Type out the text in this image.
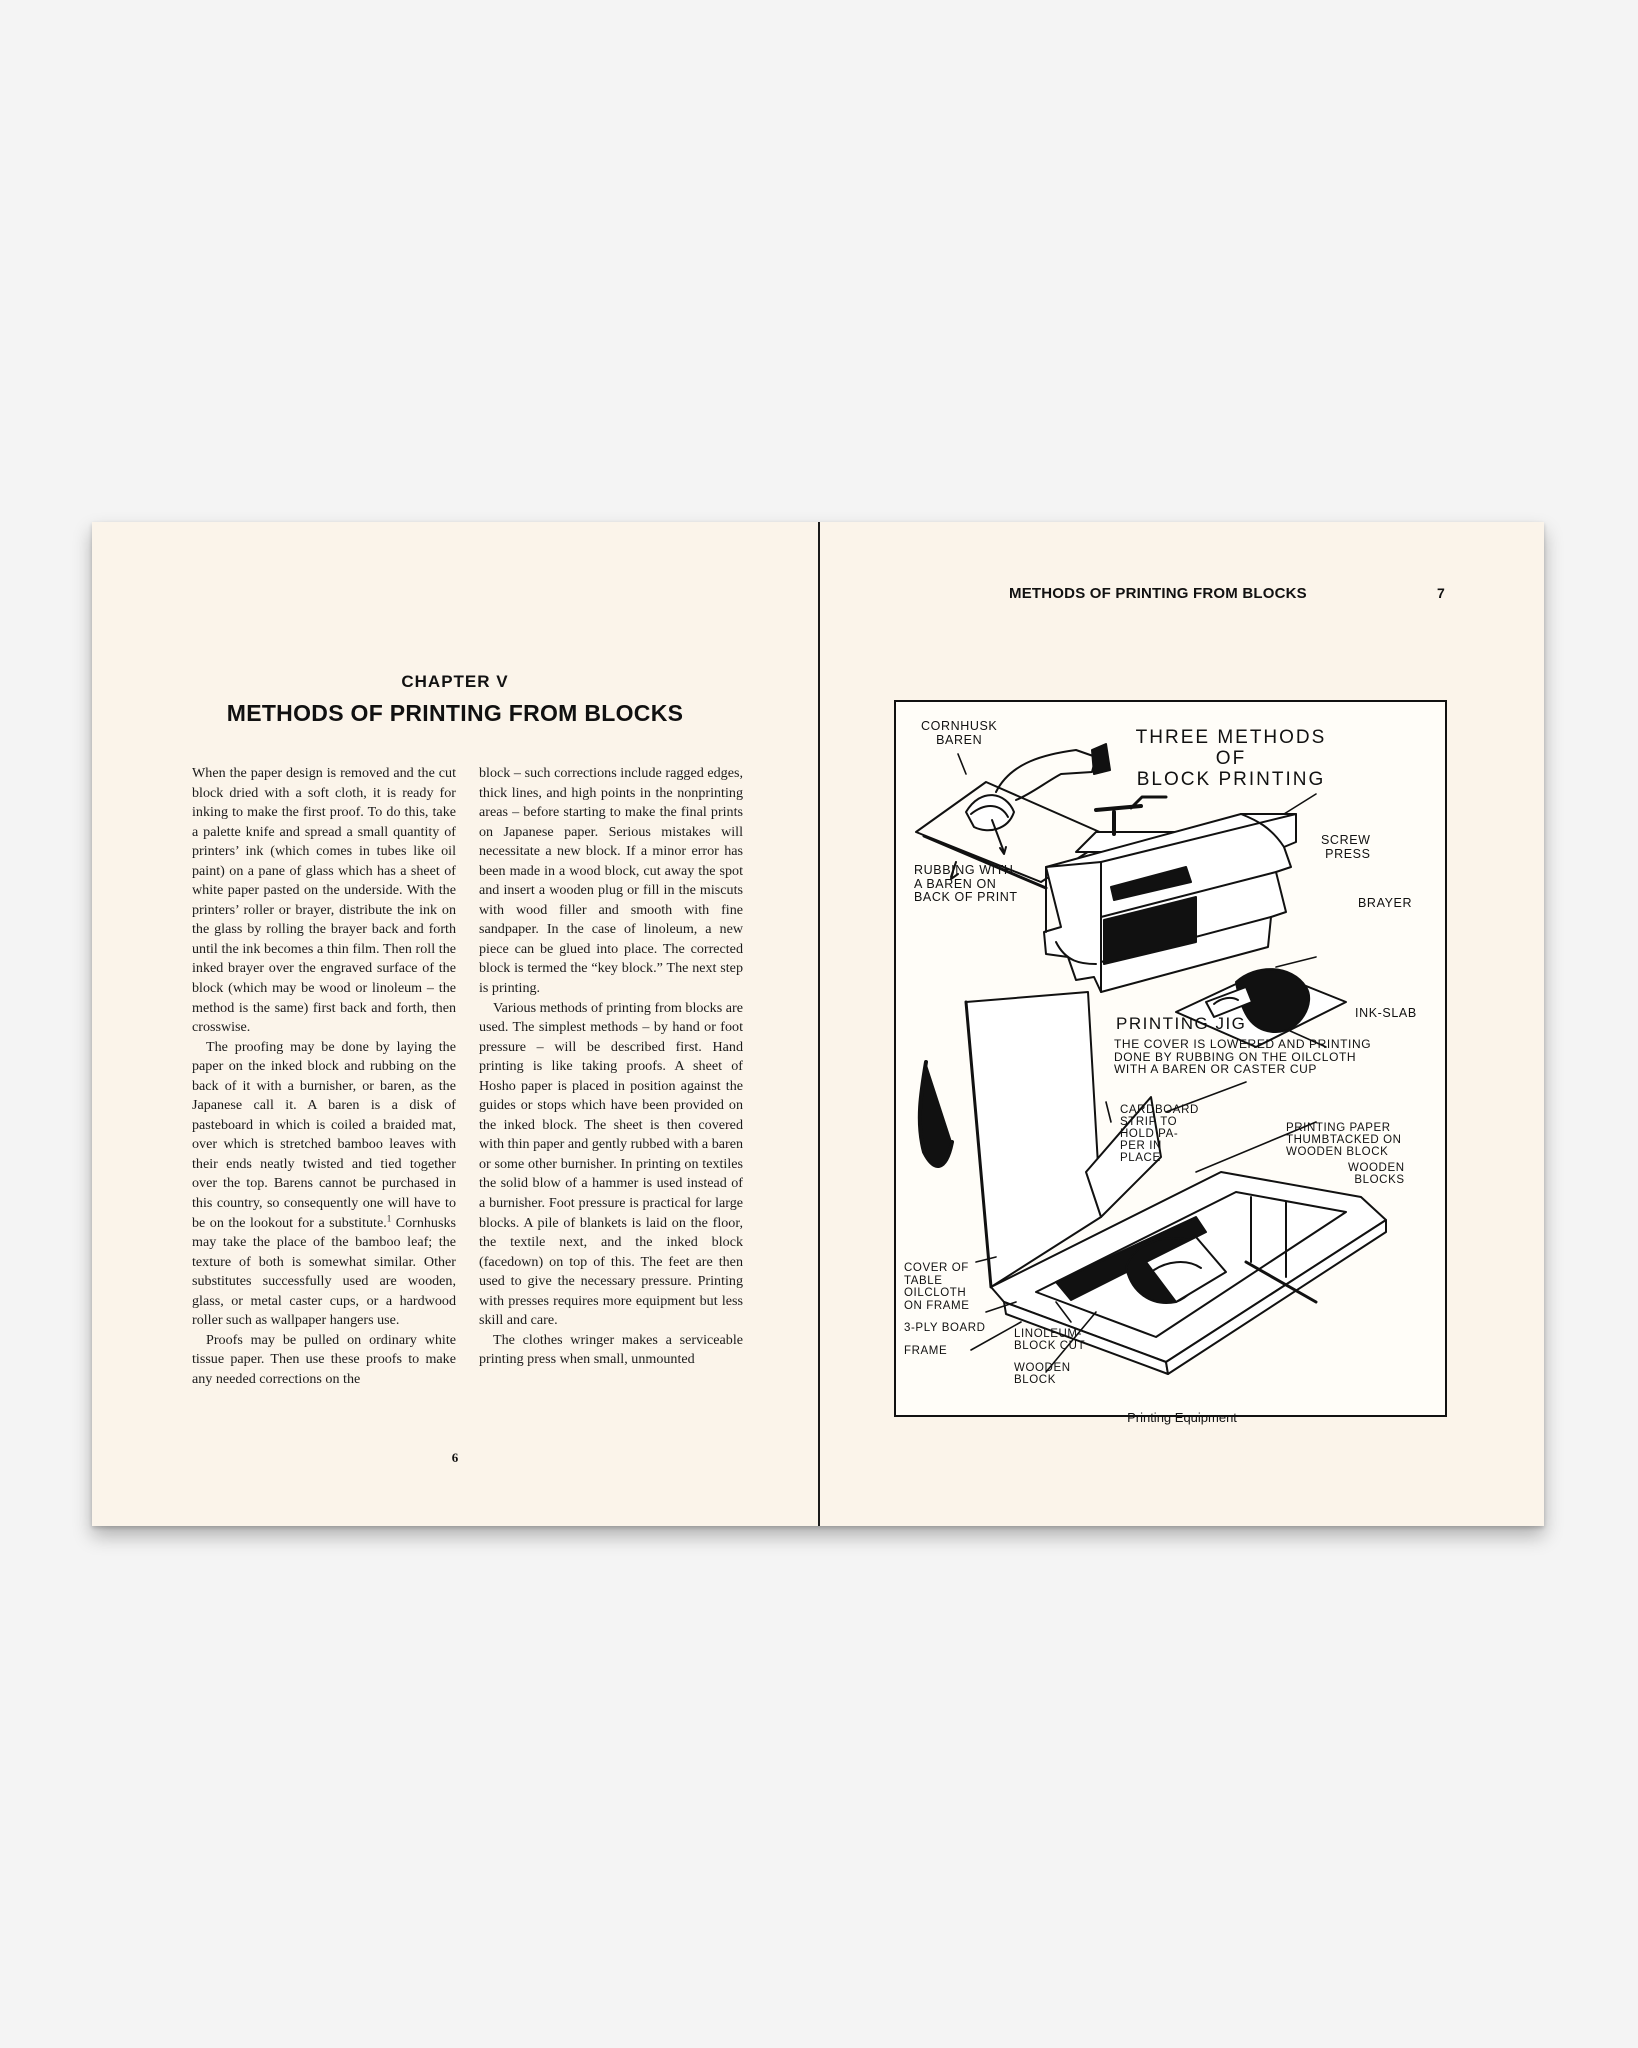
CHAPTER V
METHODS OF PRINTING FROM BLOCKS

When the paper design is removed and the cut block dried with a soft cloth, it is ready for inking to make the first proof. To do this, take a palette knife and spread a small quantity of printers’ ink (which comes in tubes like oil paint) on a pane of glass which has a sheet of white paper pasted on the underside. With the printers’ roller or brayer, distribute the ink on the glass by rolling the brayer back and forth until the ink becomes a thin film. Then roll the inked brayer over the engraved surface of the block (which may be wood or linoleum – the method is the same) first back and forth, then crosswise.

The proofing may be done by laying the paper on the inked block and rubbing on the back of it with a burnisher, or baren, as the Japanese call it. A baren is a disk of pasteboard in which is coiled a braided mat, over which is stretched bamboo leaves with their ends neatly twisted and tied together over the top. Barens cannot be purchased in this country, so consequently one will have to be on the lookout for a substitute.$^1$ Cornhusks may take the place of the bamboo leaf; the texture of both is somewhat similar. Other substitutes successfully used are wooden, glass, or metal caster cups, or a hardwood roller such as wallpaper hangers use.

Proofs may be pulled on ordinary white tissue paper. Then use these proofs to make any needed corrections on the

block – such corrections include ragged edges, thick lines, and high points in the nonprinting areas – before starting to make the final prints on Japanese paper. Serious mistakes will necessitate a new block. If a minor error has been made in a wood block, cut away the spot and insert a wooden plug or fill in the miscuts with wood filler and smooth with fine sandpaper. In the case of linoleum, a new piece can be glued into place. The corrected block is termed the “key block.” The next step is printing.

Various methods of printing from blocks are used. The simplest methods – by hand or foot pressure – will be described first. Hand printing is like taking proofs. A sheet of Hosho paper is placed in position against the guides or stops which have been provided on the inked block. The sheet is then covered with thin paper and gently rubbed with a baren or some other burnisher. In printing on textiles the solid blow of a hammer is used instead of a burnisher. Foot pressure is practical for large blocks. A pile of blankets is laid on the floor, the textile next, and the inked block (facedown) on top of this. The feet are then used to give the necessary pressure. Printing with presses requires more equipment but less skill and care.

The clothes wringer makes a serviceable printing press when small, unmounted

6
METHODS OF PRINTING FROM BLOCKS	7
THREE METHODS OF
BLOCK PRINTING
CORNHUSK
BAREN
RUBBING WITH
A BAREN ON
BACK OF PRINT
SCREW
PRESS
BRAYER
INK-SLAB
PRINTING JIG
THE COVER IS LOWERED AND PRINTING
DONE BY RUBBING ON THE OILCLOTH
WITH A BAREN OR CASTER CUP
CARDBOARD
STRIP TO
HOLD PA-
PER IN
PLACE
PRINTING PAPER
THUMBTACKED ON
WOODEN BLOCK
WOODEN
BLOCKS
COVER OF
TABLE
OILCLOTH
ON FRAME
3-PLY BOARD
FRAME
LINOLEUM-
BLOCK CUT
WOODEN
BLOCK
Printing Equipment
